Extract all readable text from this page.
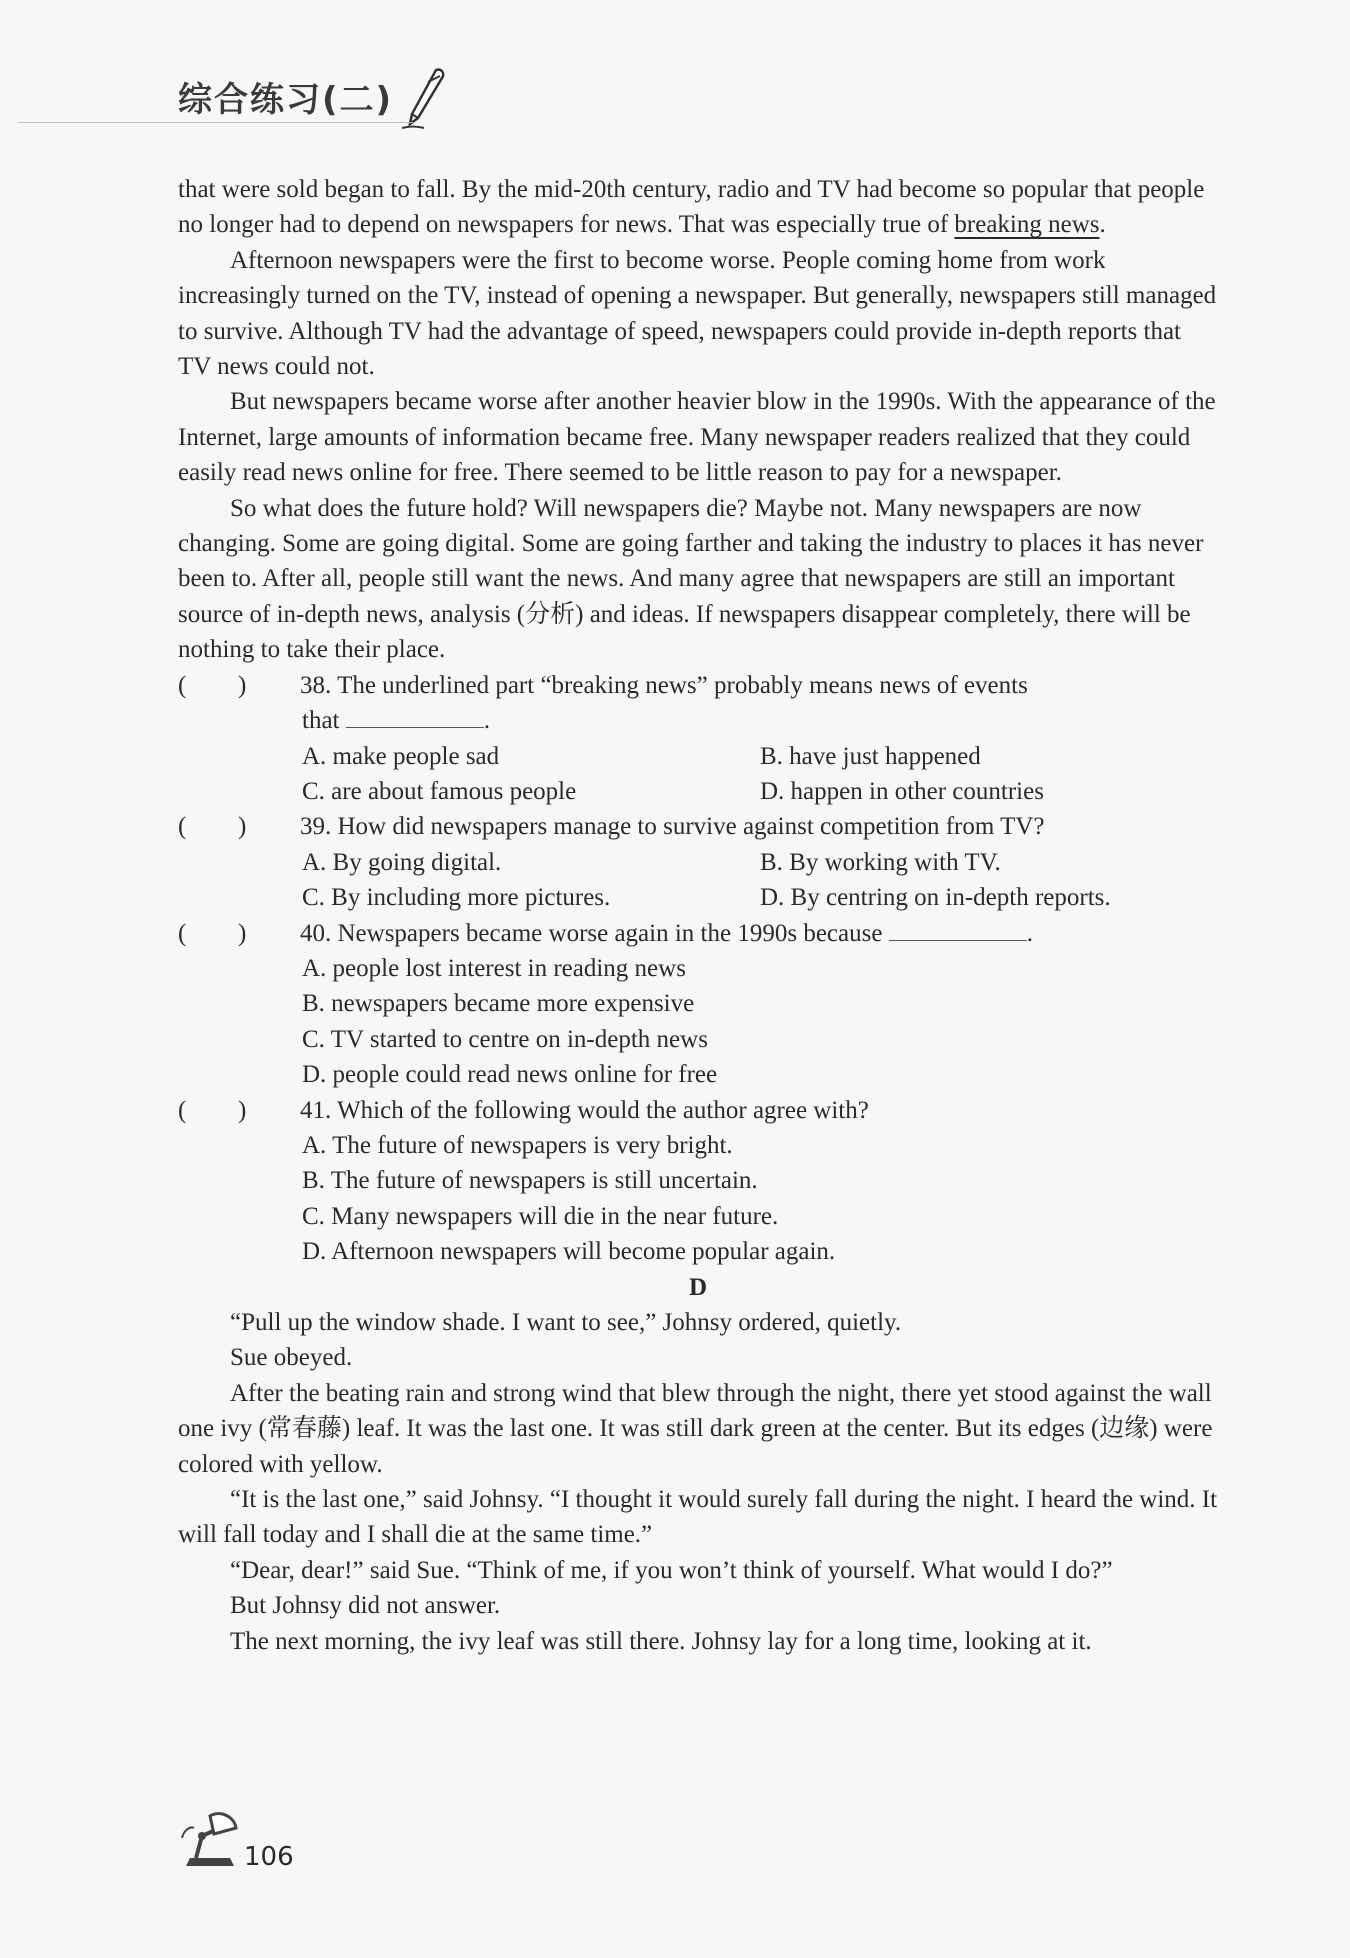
综合练习(二)

that were sold began to fall. By the mid-20th century, radio and TV had become so popular that people no longer had to depend on newspapers for news. That was especially true of breaking news.

Afternoon newspapers were the first to become worse. People coming home from work increasingly turned on the TV, instead of opening a newspaper. But generally, newspapers still managed to survive. Although TV had the advantage of speed, newspapers could provide in-depth reports that TV news could not.

But newspapers became worse after another heavier blow in the 1990s. With the appearance of the Internet, large amounts of information became free. Many newspaper readers realized that they could easily read news online for free. There seemed to be little reason to pay for a newspaper.

So what does the future hold? Will newspapers die? Maybe not. Many newspapers are now changing. Some are going digital. Some are going farther and taking the industry to places it has never been to. After all, people still want the news. And many agree that newspapers are still an important source of in-depth news, analysis (分析) and ideas. If newspapers disappear completely, there will be nothing to take their place.

( ) 38. The underlined part “breaking news” probably means news of events
that	.
A. make people sad	B. have just happened
C. are about famous people	D. happen in other countries
( ) 39. How did newspapers manage to survive against competition from TV?
A. By going digital.	B. By working with TV.
C. By including more pictures.	D. By centring on in-depth reports.
( ) 40. Newspapers became worse again in the 1990s because	.
A. people lost interest in reading news
B. newspapers became more expensive
C. TV started to centre on in-depth news
D. people could read news online for free
( ) 41. Which of the following would the author agree with?
A. The future of newspapers is very bright.
B. The future of newspapers is still uncertain.
C. Many newspapers will die in the near future.
D. Afternoon newspapers will become popular again.
D

“Pull up the window shade. I want to see,” Johnsy ordered, quietly.

Sue obeyed.

After the beating rain and strong wind that blew through the night, there yet stood against the wall one ivy (常春藤) leaf. It was the last one. It was still dark green at the center. But its edges (边缘) were colored with yellow.

“It is the last one,” said Johnsy. “I thought it would surely fall during the night. I heard the wind. It will fall today and I shall die at the same time.”

“Dear, dear!” said Sue. “Think of me, if you won’t think of yourself. What would I do?”

But Johnsy did not answer.

The next morning, the ivy leaf was still there. Johnsy lay for a long time, looking at it.

106
